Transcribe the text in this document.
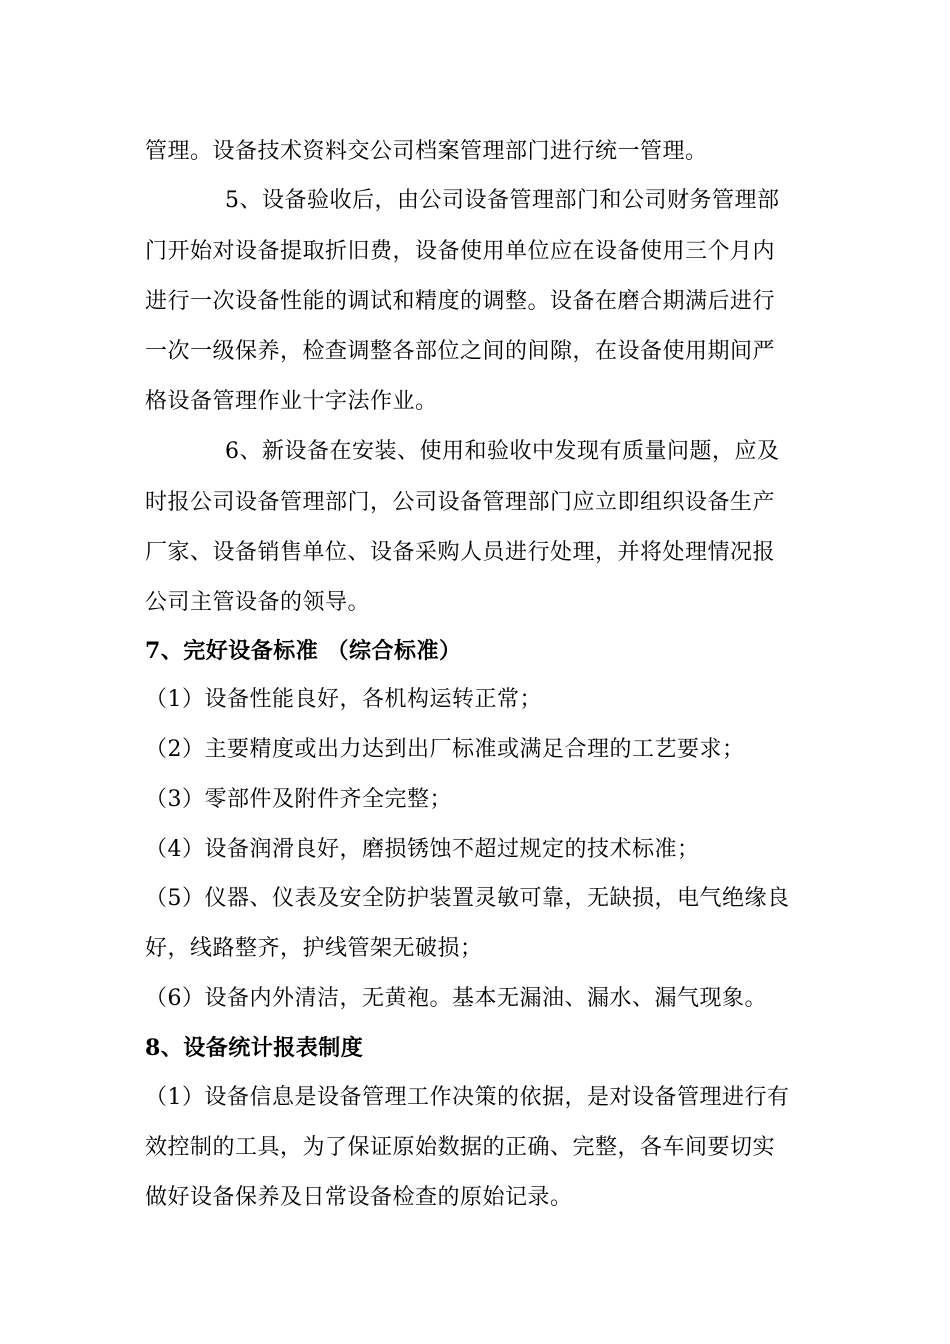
管理。设备技术资料交公司档案管理部门进行统一管理。
5、设备验收后，由公司设备管理部门和公司财务管理部
门开始对设备提取折旧费，设备使用单位应在设备使用三个月内
进行一次设备性能的调试和精度的调整。设备在磨合期满后进行
一次一级保养，检查调整各部位之间的间隙，在设备使用期间严
格设备管理作业十字法作业。
6、新设备在安装、使用和验收中发现有质量问题，应及
时报公司设备管理部门，公司设备管理部门应立即组织设备生产
厂家、设备销售单位、设备采购人员进行处理，并将处理情况报
公司主管设备的领导。
7、完好设备标准 （综合标准）
（1）设备性能良好，各机构运转正常；
（2）主要精度或出力达到出厂标准或满足合理的工艺要求；
（3）零部件及附件齐全完整；
（4）设备润滑良好，磨损锈蚀不超过规定的技术标准；
（5）仪器、仪表及安全防护装置灵敏可靠，无缺损，电气绝缘良
好，线路整齐，护线管架无破损；
（6）设备内外清洁，无黄袍。基本无漏油、漏水、漏气现象。
8、设备统计报表制度
（1）设备信息是设备管理工作决策的依据，是对设备管理进行有
效控制的工具，为了保证原始数据的正确、完整，各车间要切实
做好设备保养及日常设备检查的原始记录。
